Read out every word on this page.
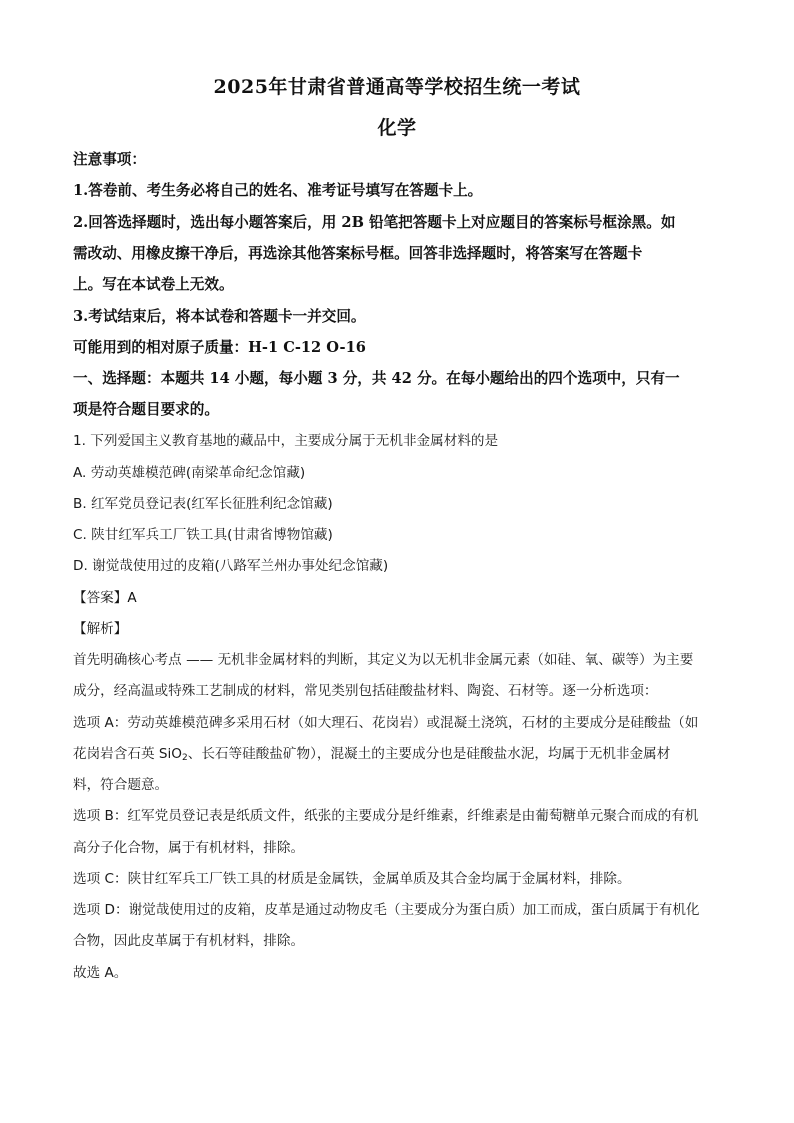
2025年甘肃省普通高等学校招生统一考试
化学
注意事项：
1.答卷前、考生务必将自己的姓名、准考证号填写在答题卡上。
2.回答选择题时，选出每小题答案后，用 2B 铅笔把答题卡上对应题目的答案标号框涂黑。如
需改动、用橡皮擦干净后，再选涂其他答案标号框。回答非选择题时，将答案写在答题卡
上。写在本试卷上无效。
3.考试结束后，将本试卷和答题卡一并交回。
可能用到的相对原子质量：H-1 C-12 O-16
一、选择题：本题共 14 小题，每小题 3 分，共 42 分。在每小题给出的四个选项中，只有一
项是符合题目要求的。
1. 下列爱国主义教育基地的藏品中，主要成分属于无机非金属材料的是
A. 劳动英雄模范碑(南梁革命纪念馆藏)
B. 红军党员登记表(红军长征胜利纪念馆藏)
C. 陕甘红军兵工厂铁工具(甘肃省博物馆藏)
D. 谢觉哉使用过的皮箱(八路军兰州办事处纪念馆藏)
【答案】A
【解析】
首先明确核心考点 —— 无机非金属材料的判断，其定义为以无机非金属元素（如硅、氧、碳等）为主要
成分，经高温或特殊工艺制成的材料，常见类别包括硅酸盐材料、陶瓷、石材等。逐一分析选项：
选项 A：劳动英雄模范碑多采用石材（如大理石、花岗岩）或混凝土浇筑，石材的主要成分是硅酸盐（如
花岗岩含石英 SiO$_2$、长石等硅酸盐矿物），混凝土的主要成分也是硅酸盐水泥，均属于无机非金属材
料，符合题意。
选项 B：红军党员登记表是纸质文件，纸张的主要成分是纤维素，纤维素是由葡萄糖单元聚合而成的有机
高分子化合物，属于有机材料，排除。
选项 C：陕甘红军兵工厂铁工具的材质是金属铁，金属单质及其合金均属于金属材料，排除。
选项 D：谢觉哉使用过的皮箱，皮革是通过动物皮毛（主要成分为蛋白质）加工而成，蛋白质属于有机化
合物，因此皮革属于有机材料，排除。
故选 A。
